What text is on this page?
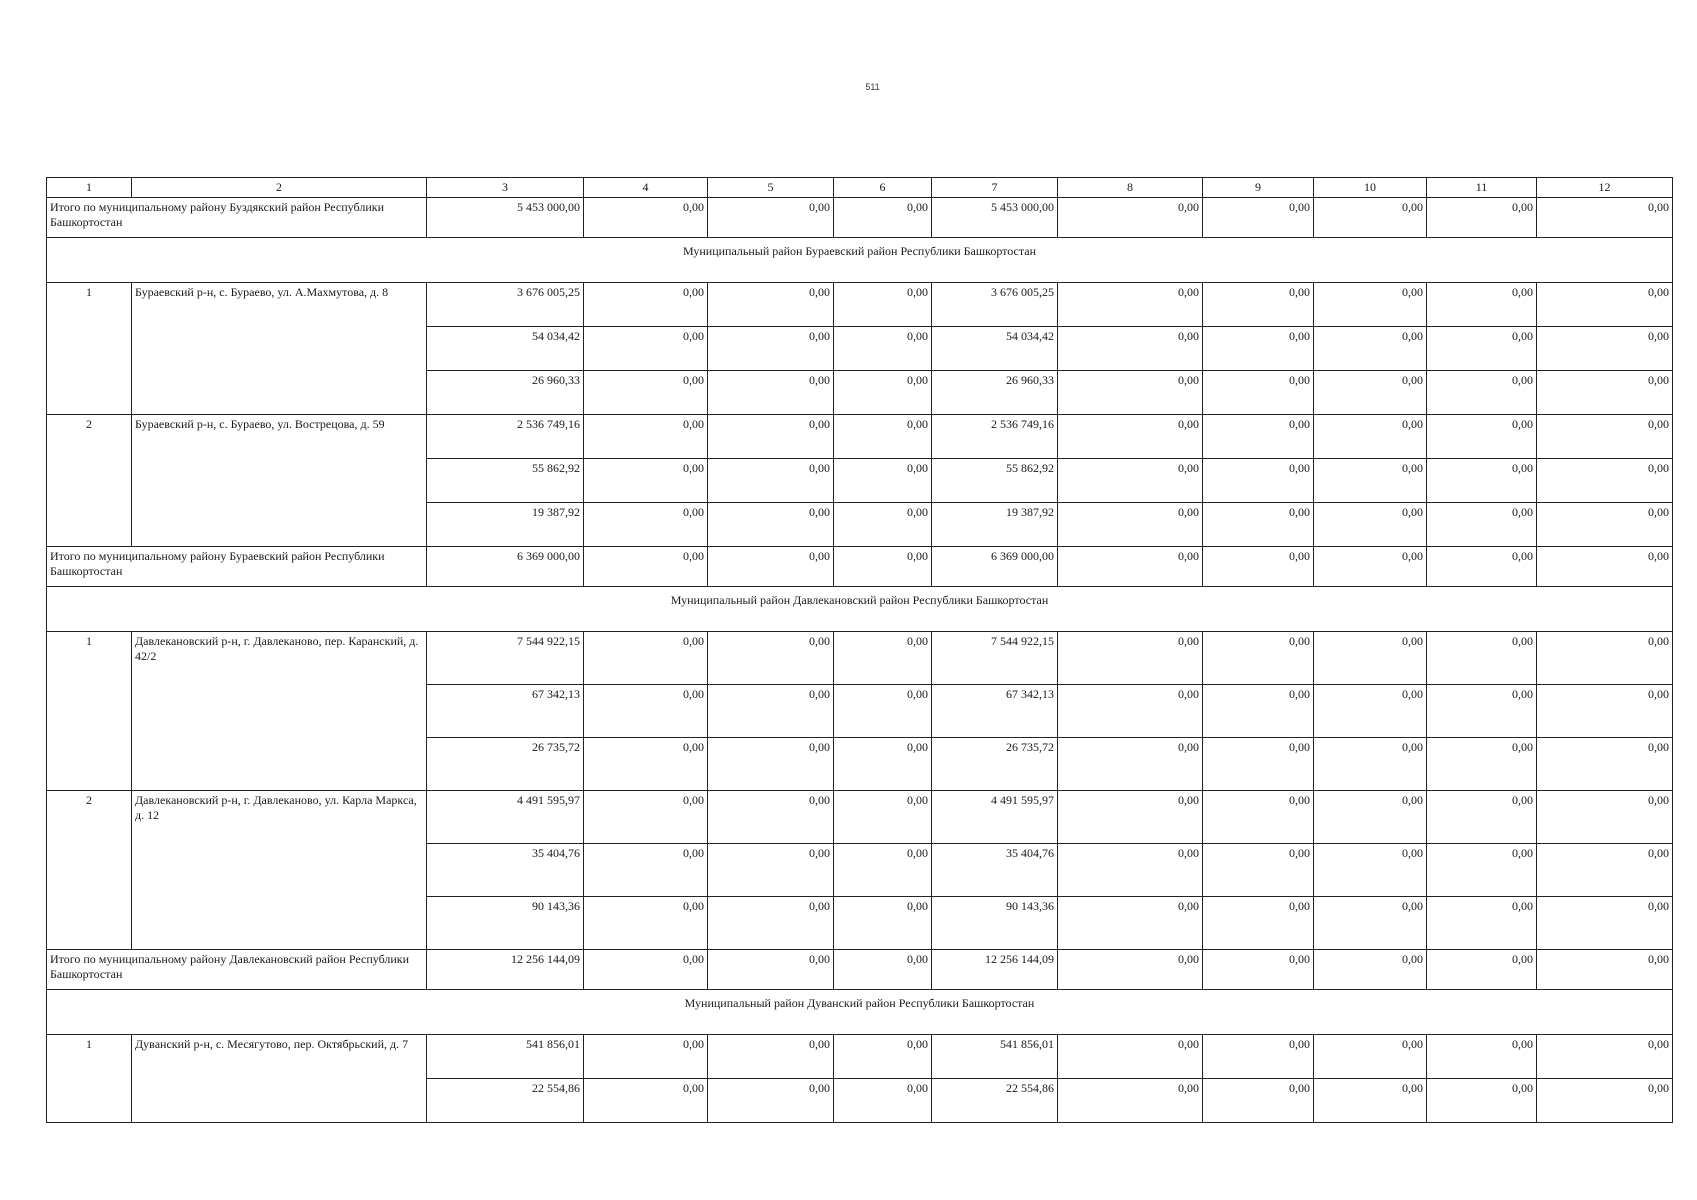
511
1	2	3	4	5	6	7	8	9	10	11	12
Итого по муниципальному району Буздякский район Республики Башкортостан		5 453 000,00	0,00	0,00	0,00	5 453 000,00	0,00	0,00	0,00	0,00	0,00
Муниципальный район Бураевский район Республики Башкортостан											
1	Бураевский р-н, с. Бураево, ул. А.Махмутова, д. 8	3 676 005,25	0,00	0,00	0,00	3 676 005,25	0,00	0,00	0,00	0,00	0,00
		54 034,42	0,00	0,00	0,00	54 034,42	0,00	0,00	0,00	0,00	0,00
		26 960,33	0,00	0,00	0,00	26 960,33	0,00	0,00	0,00	0,00	0,00
2	Бураевский р-н, с. Бураево, ул. Вострецова, д. 59	2 536 749,16	0,00	0,00	0,00	2 536 749,16	0,00	0,00	0,00	0,00	0,00
		55 862,92	0,00	0,00	0,00	55 862,92	0,00	0,00	0,00	0,00	0,00
		19 387,92	0,00	0,00	0,00	19 387,92	0,00	0,00	0,00	0,00	0,00
Итого по муниципальному району Бураевский район Республики Башкортостан		6 369 000,00	0,00	0,00	0,00	6 369 000,00	0,00	0,00	0,00	0,00	0,00
Муниципальный район Давлекановский район Республики Башкортостан											
1	Давлекановский р-н, г. Давлеканово, пер. Каранский, д. 42/2	7 544 922,15	0,00	0,00	0,00	7 544 922,15	0,00	0,00	0,00	0,00	0,00
		67 342,13	0,00	0,00	0,00	67 342,13	0,00	0,00	0,00	0,00	0,00
		26 735,72	0,00	0,00	0,00	26 735,72	0,00	0,00	0,00	0,00	0,00
2	Давлекановский р-н, г. Давлеканово, ул. Карла Маркса, д. 12	4 491 595,97	0,00	0,00	0,00	4 491 595,97	0,00	0,00	0,00	0,00	0,00
		35 404,76	0,00	0,00	0,00	35 404,76	0,00	0,00	0,00	0,00	0,00
		90 143,36	0,00	0,00	0,00	90 143,36	0,00	0,00	0,00	0,00	0,00
Итого по муниципальному району Давлекановский район Республики Башкортостан		12 256 144,09	0,00	0,00	0,00	12 256 144,09	0,00	0,00	0,00	0,00	0,00
Муниципальный район Дуванский район Республики Башкортостан											
1	Дуванский р-н, с. Месягутово, пер. Октябрьский, д. 7	541 856,01	0,00	0,00	0,00	541 856,01	0,00	0,00	0,00	0,00	0,00
		22 554,86	0,00	0,00	0,00	22 554,86	0,00	0,00	0,00	0,00	0,00
